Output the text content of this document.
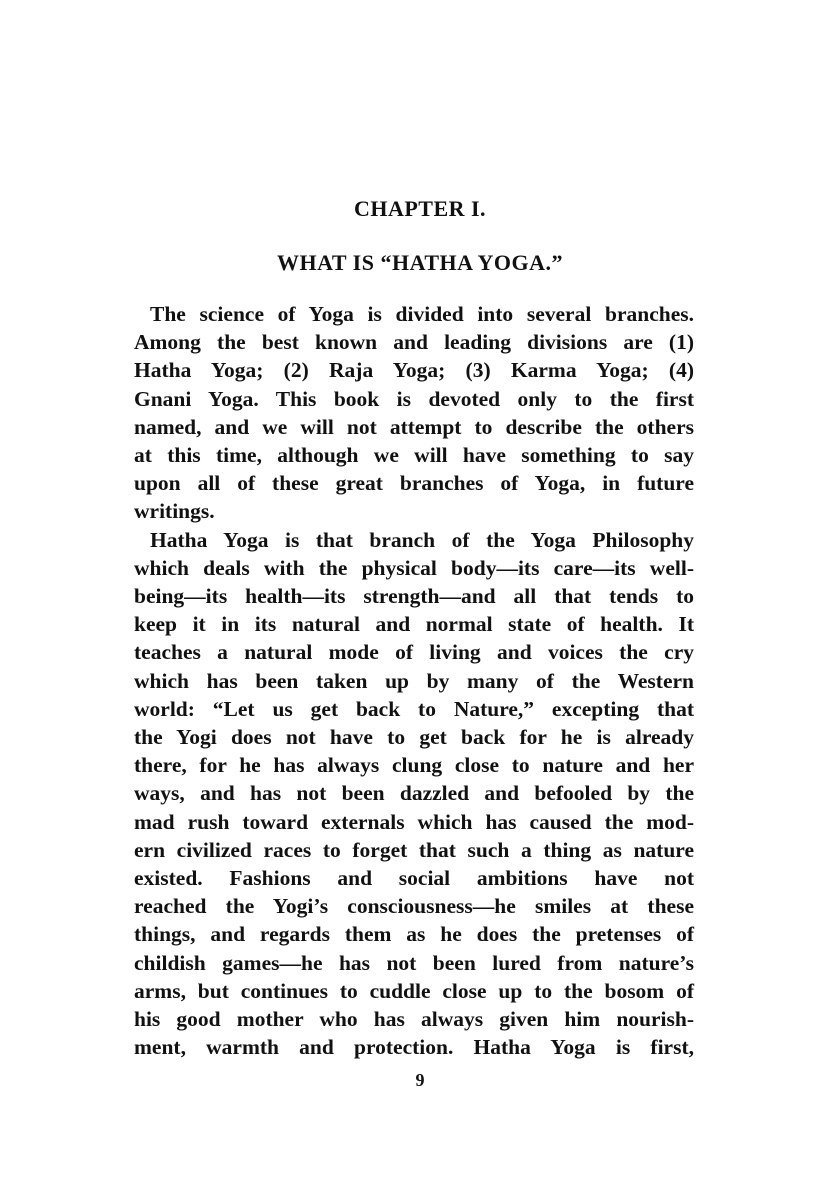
CHAPTER I.
WHAT IS “HATHA YOGA.”
The science of Yoga is divided into several branches.
Among the best known and leading divisions are (1)
Hatha Yoga; (2) Raja Yoga; (3) Karma Yoga; (4)
Gnani Yoga. This book is devoted only to the first
named, and we will not attempt to describe the others
at this time, although we will have something to say
upon all of these great branches of Yoga, in future
writings.
Hatha Yoga is that branch of the Yoga Philosophy
which deals with the physical body—its care—its well-
being—its health—its strength—and all that tends to
keep it in its natural and normal state of health. It
teaches a natural mode of living and voices the cry
which has been taken up by many of the Western
world: “Let us get back to Nature,” excepting that
the Yogi does not have to get back for he is already
there, for he has always clung close to nature and her
ways, and has not been dazzled and befooled by the
mad rush toward externals which has caused the mod-
ern civilized races to forget that such a thing as nature
existed. Fashions and social ambitions have not
reached the Yogi’s consciousness—he smiles at these
things, and regards them as he does the pretenses of
childish games—he has not been lured from nature’s
arms, but continues to cuddle close up to the bosom of
his good mother who has always given him nourish-
ment, warmth and protection. Hatha Yoga is first,
9
